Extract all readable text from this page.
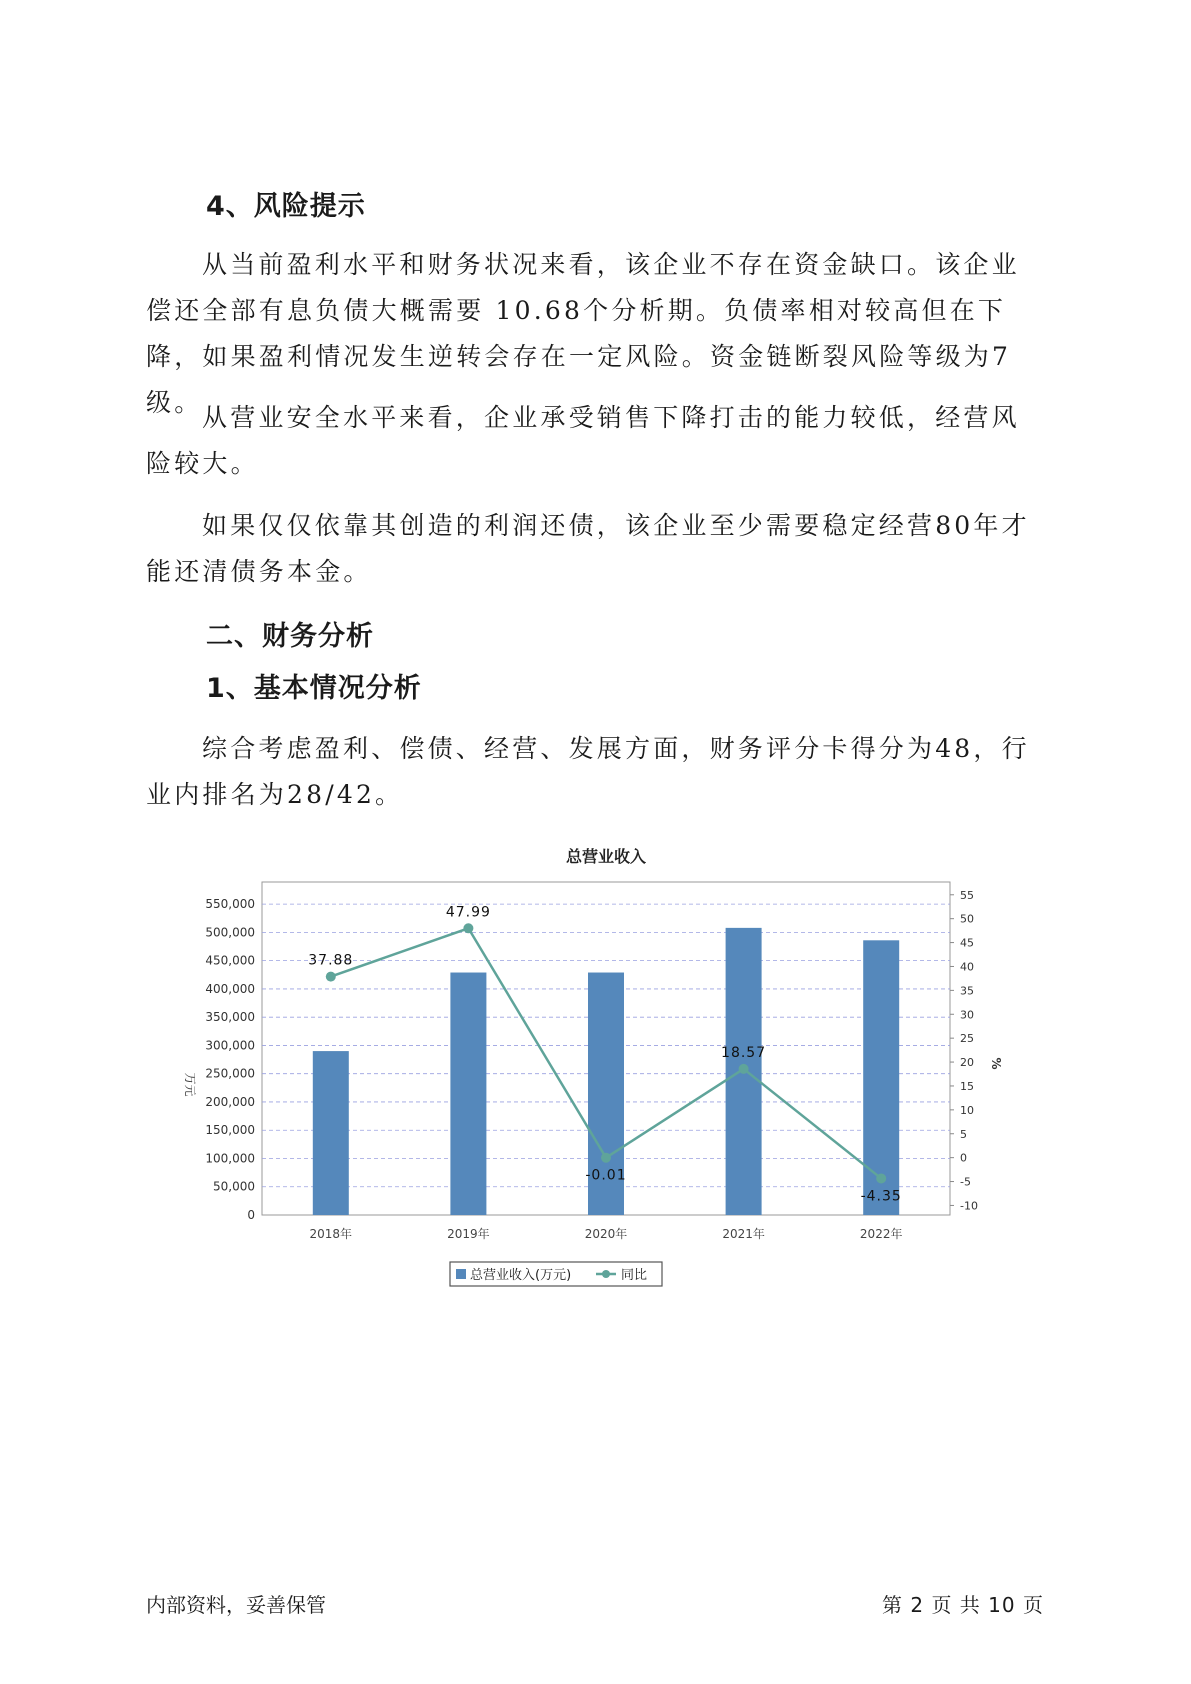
4、风险提示

从当前盈利水平和财务状况来看，该企业不存在资金缺口。该企业偿还全部有息负债大概需要 10.68个分析期。负债率相对较高但在下降，如果盈利情况发生逆转会存在一定风险。资金链断裂风险等级为7级。

从营业安全水平来看，企业承受销售下降打击的能力较低，经营风险较大。

如果仅仅依靠其创造的利润还债，该企业至少需要稳定经营80年才能还清债务本金。

二、财务分析
1、基本情况分析

综合考虑盈利、偿债、经营、发展方面，财务评分卡得分为48，行业内排名为28/42。

总营业收入
0
50,000
100,000
150,000
200,000
250,000
300,000
350,000
400,000
450,000
500,000
550,000
-10
-5
0
5
10
15
20
25
30
35
40
45
50
55
万元
%
37.88
47.99
-0.01
18.57
-4.35
2018年	2019年	2020年	2021年	2022年
总营业收入(万元)	同比
内部资料，妥善保管	第 2 页 共 10 页
